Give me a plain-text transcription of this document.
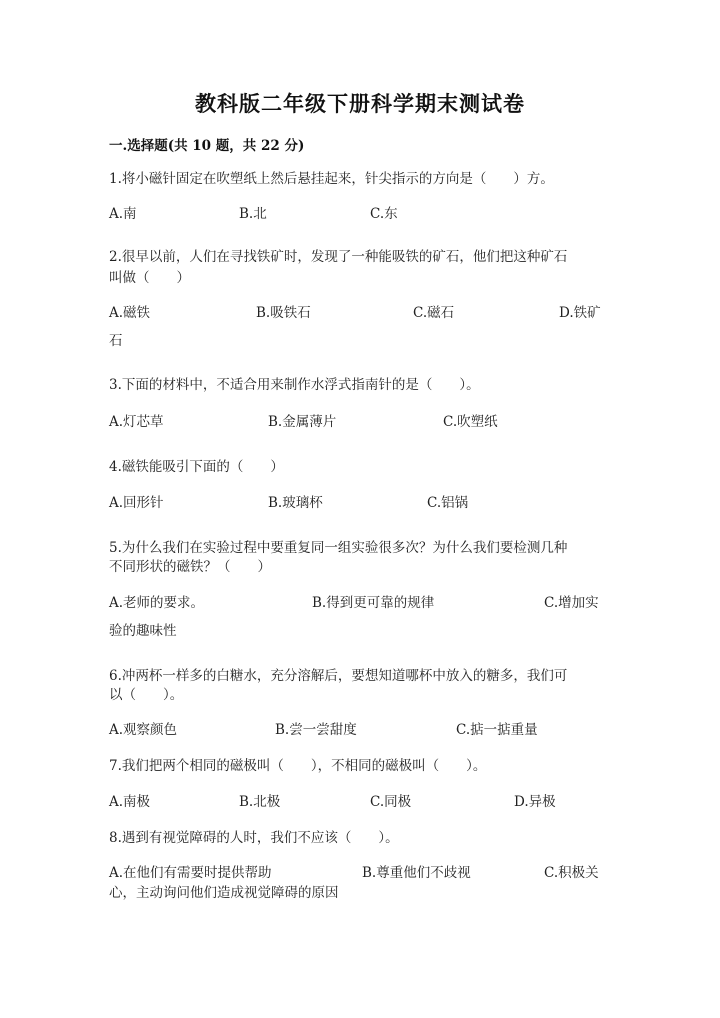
教科版二年级下册科学期末测试卷
一.选择题(共 10 题，共 22 分)
1.将小磁针固定在吹塑纸上然后悬挂起来，针尖指示的方向是（　　）方。
A.南	B.北	C.东
2.很早以前，人们在寻找铁矿时，发现了一种能吸铁的矿石，他们把这种矿石
叫做（　　）
A.磁铁	B.吸铁石	C.磁石	D.铁矿
石
3.下面的材料中，不适合用来制作水浮式指南针的是（　　）。
A.灯芯草	B.金属薄片	C.吹塑纸
4.磁铁能吸引下面的（　　）
A.回形针	B.玻璃杯	C.铝锅
5.为什么我们在实验过程中要重复同一组实验很多次？为什么我们要检测几种
不同形状的磁铁？（　　）
A.老师的要求。	B.得到更可靠的规律	C.增加实
验的趣味性
6.冲两杯一样多的白糖水，充分溶解后，要想知道哪杯中放入的糖多，我们可
以（　　）。
A.观察颜色	B.尝一尝甜度	C.掂一掂重量
7.我们把两个相同的磁极叫（　　），不相同的磁极叫（　　）。
A.南极	B.北极	C.同极	D.异极
8.遇到有视觉障碍的人时，我们不应该（　　）。
A.在他们有需要时提供帮助	B.尊重他们不歧视	C.积极关
心，主动询问他们造成视觉障碍的原因
